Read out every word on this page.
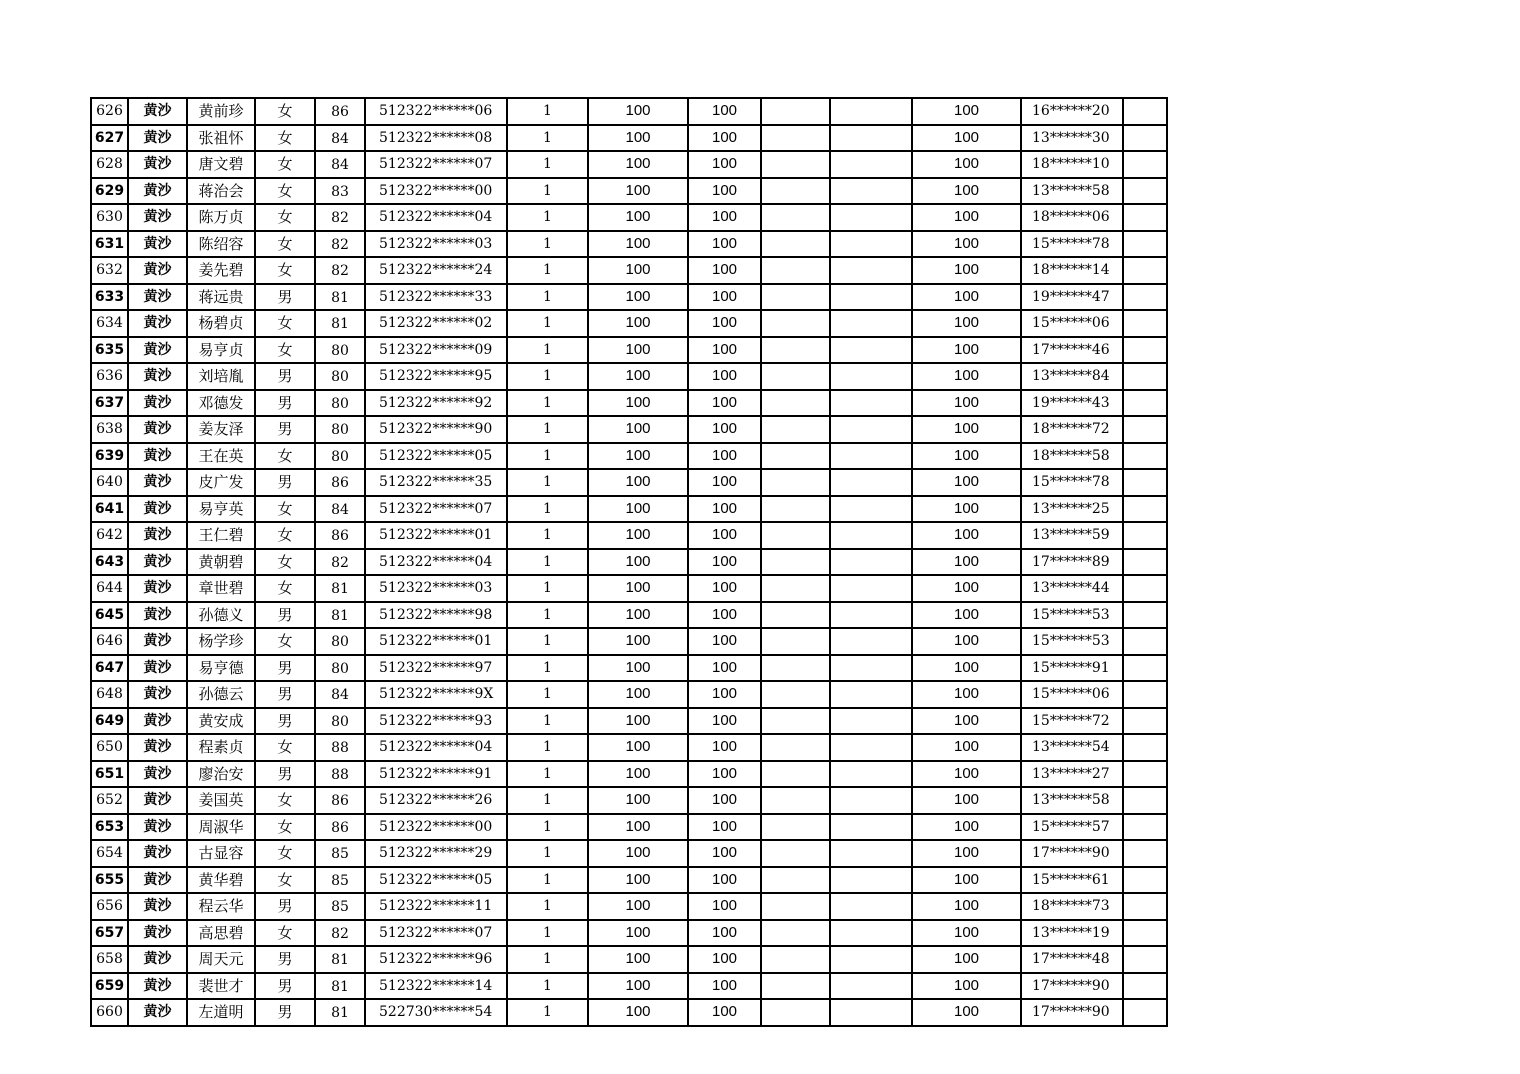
626	黄沙	黄前珍	女	86	512322******06	1	100	100			100	16******20	
627	黄沙	张祖怀	女	84	512322******08	1	100	100			100	13******30	
628	黄沙	唐文碧	女	84	512322******07	1	100	100			100	18******10	
629	黄沙	蒋治会	女	83	512322******00	1	100	100			100	13******58	
630	黄沙	陈万贞	女	82	512322******04	1	100	100			100	18******06	
631	黄沙	陈绍容	女	82	512322******03	1	100	100			100	15******78	
632	黄沙	姜先碧	女	82	512322******24	1	100	100			100	18******14	
633	黄沙	蒋远贵	男	81	512322******33	1	100	100			100	19******47	
634	黄沙	杨碧贞	女	81	512322******02	1	100	100			100	15******06	
635	黄沙	易亨贞	女	80	512322******09	1	100	100			100	17******46	
636	黄沙	刘培胤	男	80	512322******95	1	100	100			100	13******84	
637	黄沙	邓德发	男	80	512322******92	1	100	100			100	19******43	
638	黄沙	姜友泽	男	80	512322******90	1	100	100			100	18******72	
639	黄沙	王在英	女	80	512322******05	1	100	100			100	18******58	
640	黄沙	皮广发	男	86	512322******35	1	100	100			100	15******78	
641	黄沙	易亨英	女	84	512322******07	1	100	100			100	13******25	
642	黄沙	王仁碧	女	86	512322******01	1	100	100			100	13******59	
643	黄沙	黄朝碧	女	82	512322******04	1	100	100			100	17******89	
644	黄沙	章世碧	女	81	512322******03	1	100	100			100	13******44	
645	黄沙	孙德义	男	81	512322******98	1	100	100			100	15******53	
646	黄沙	杨学珍	女	80	512322******01	1	100	100			100	15******53	
647	黄沙	易亨德	男	80	512322******97	1	100	100			100	15******91	
648	黄沙	孙德云	男	84	512322******9X	1	100	100			100	15******06	
649	黄沙	黄安成	男	80	512322******93	1	100	100			100	15******72	
650	黄沙	程素贞	女	88	512322******04	1	100	100			100	13******54	
651	黄沙	廖治安	男	88	512322******91	1	100	100			100	13******27	
652	黄沙	姜国英	女	86	512322******26	1	100	100			100	13******58	
653	黄沙	周淑华	女	86	512322******00	1	100	100			100	15******57	
654	黄沙	古显容	女	85	512322******29	1	100	100			100	17******90	
655	黄沙	黄华碧	女	85	512322******05	1	100	100			100	15******61	
656	黄沙	程云华	男	85	512322******11	1	100	100			100	18******73	
657	黄沙	高思碧	女	82	512322******07	1	100	100			100	13******19	
658	黄沙	周天元	男	81	512322******96	1	100	100			100	17******48	
659	黄沙	裴世才	男	81	512322******14	1	100	100			100	17******90	
660	黄沙	左道明	男	81	522730******54	1	100	100			100	17******90	
